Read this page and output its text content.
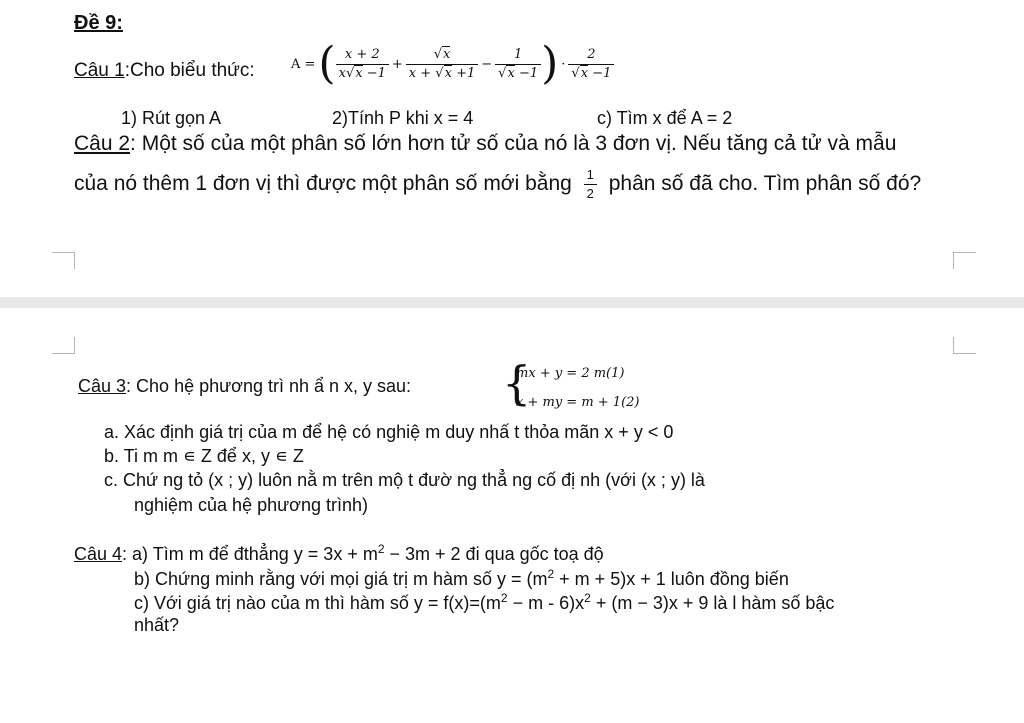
Đề 9:
Câu 1:Cho biểu thức:	A =( $\frac{x + 2}{x√x -1} + \frac{√x}{x + √x +1} - \frac{1}{√x -1}$ ) · $\frac{2}{√x -1}$
1) Rút gọn A	2)Tính P khi x = 4	c) Tìm x để A = 2
Câu 2: Một số của một phân số lớn hơn tử số của nó là 3 đơn vị. Nếu tăng cả tử và mẫu
của nó thêm 1 đơn vị thì được một phân số mới bằng $\frac{1}{2}$ phân số đã cho. Tìm phân số đó?
Câu 3: Cho hệ phương trì nh ẩ n x, y sau: {
mx + y = 2 m(1)
x + my = m + 1(2)
a. Xác định giá trị của m để hệ có nghiệ m duy nhấ t thỏa mãn x + y < 0
b. Ti m m ∊ Z để x, y ∊ Z
c. Chứ ng tỏ (x ; y) luôn nằ m trên mộ t đườ ng thẳ ng cố đị nh (với (x ; y) là
nghiệm của hệ phương trình)
Câu 4: a) Tìm m để đthẳng $y = 3x + m^2 - 3m + 2$ đi qua gốc toạ độ
b) Chứng minh rằng với mọi giá trị m hàm số $y = (m^2 + m + 5)x + 1$ luôn đồng biến
c) Với giá trị nào của m thì hàm số $y = f(x)=(m^2 - m - 6)x^2 + (m - 3)x + 9$ là l hàm số bậc
nhất?
